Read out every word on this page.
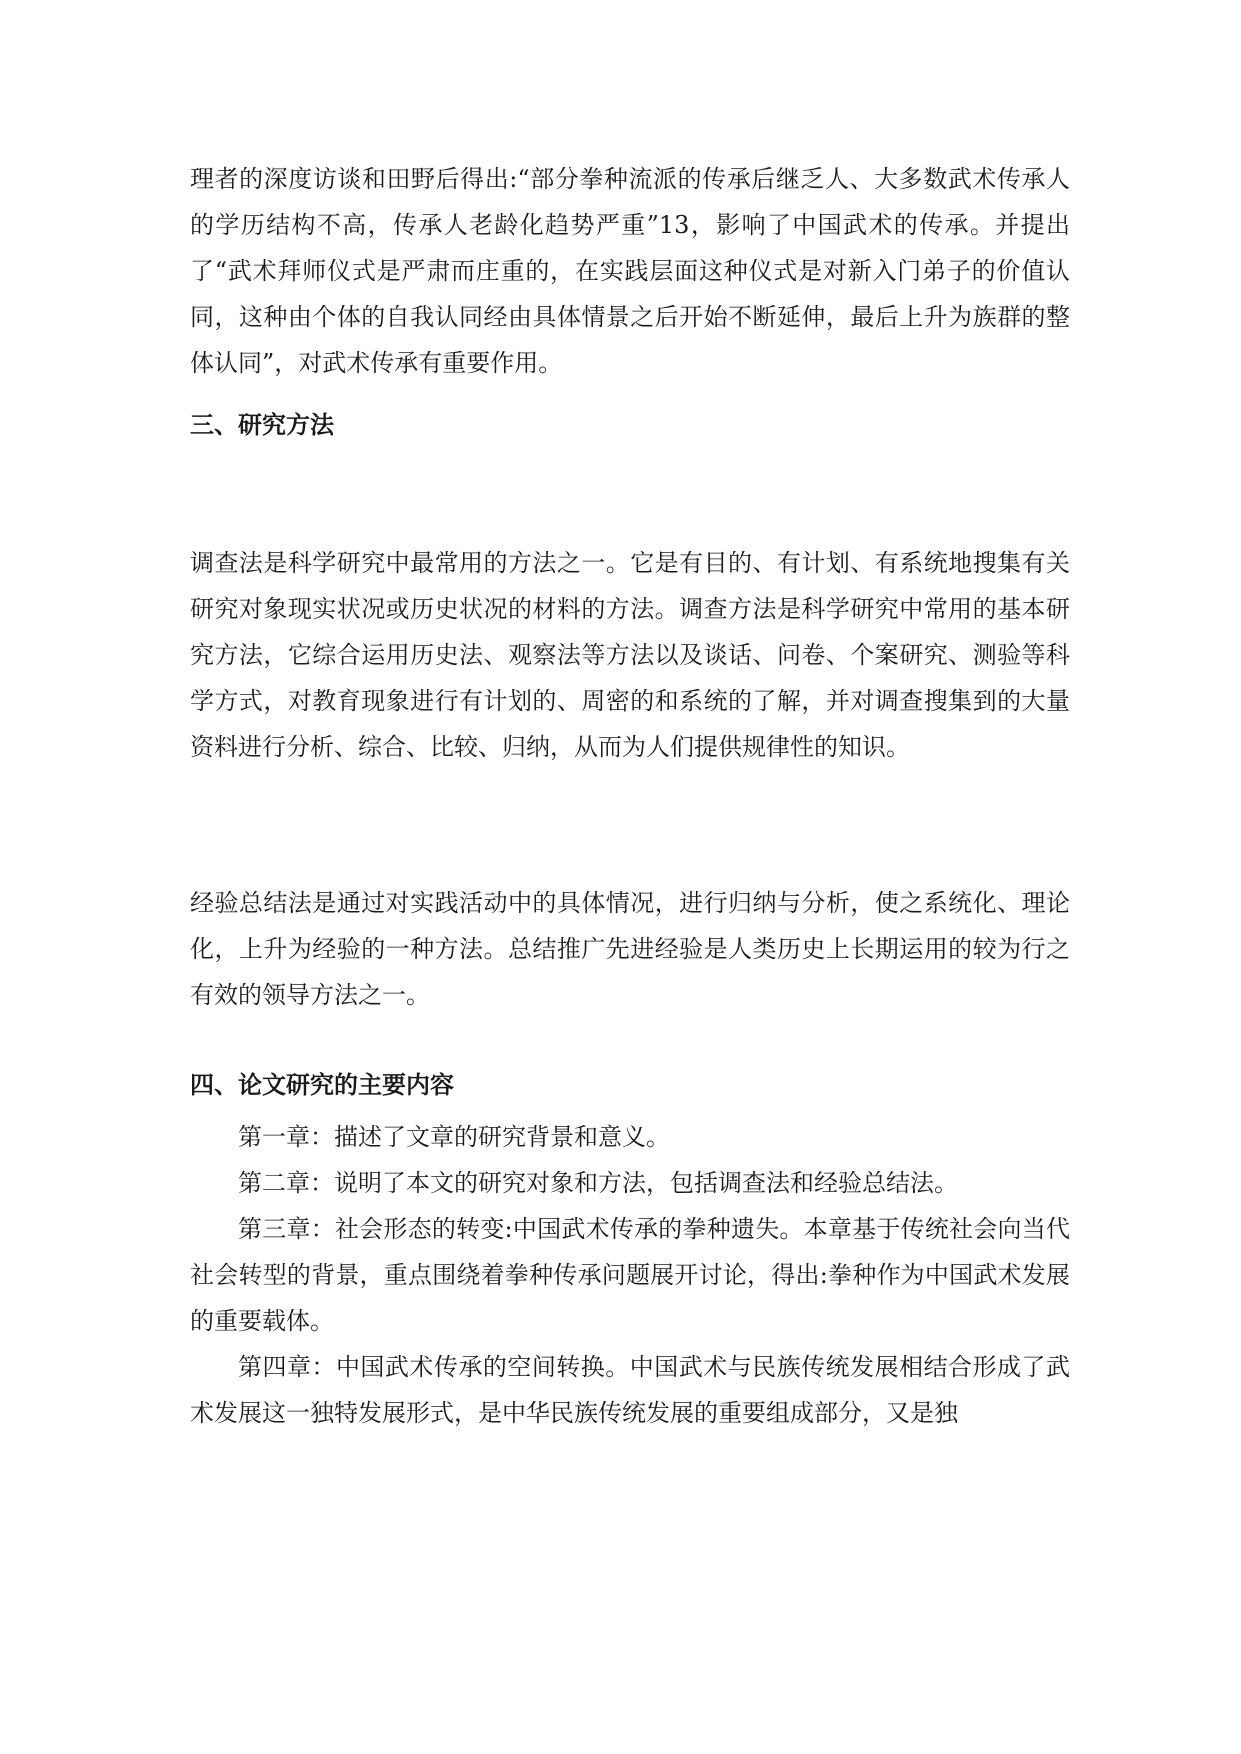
理者的深度访谈和田野后得出:“部分拳种流派的传承后继乏人、大多数武术传承人的学历结构不高，传承人老龄化趋势严重”13，影响了中国武术的传承。并提出了“武术拜师仪式是严肃而庄重的，在实践层面这种仪式是对新入门弟子的价值认同，这种由个体的自我认同经由具体情景之后开始不断延伸，最后上升为族群的整体认同”，对武术传承有重要作用。

三、研究方法

调查法是科学研究中最常用的方法之一。它是有目的、有计划、有系统地搜集有关研究对象现实状况或历史状况的材料的方法。调查方法是科学研究中常用的基本研究方法，它综合运用历史法、观察法等方法以及谈话、问卷、个案研究、测验等科学方式，对教育现象进行有计划的、周密的和系统的了解，并对调查搜集到的大量资料进行分析、综合、比较、归纳，从而为人们提供规律性的知识。

经验总结法是通过对实践活动中的具体情况，进行归纳与分析，使之系统化、理论化，上升为经验的一种方法。总结推广先进经验是人类历史上长期运用的较为行之有效的领导方法之一。

四、论文研究的主要内容

第一章：描述了文章的研究背景和意义。

第二章：说明了本文的研究对象和方法，包括调查法和经验总结法。

第三章：社会形态的转变:中国武术传承的拳种遗失。本章基于传统社会向当代社会转型的背景，重点围绕着拳种传承问题展开讨论，得出:拳种作为中国武术发展的重要载体。

第四章：中国武术传承的空间转换。中国武术与民族传统发展相结合形成了武术发展这一独特发展形式，是中华民族传统发展的重要组成部分，又是独
